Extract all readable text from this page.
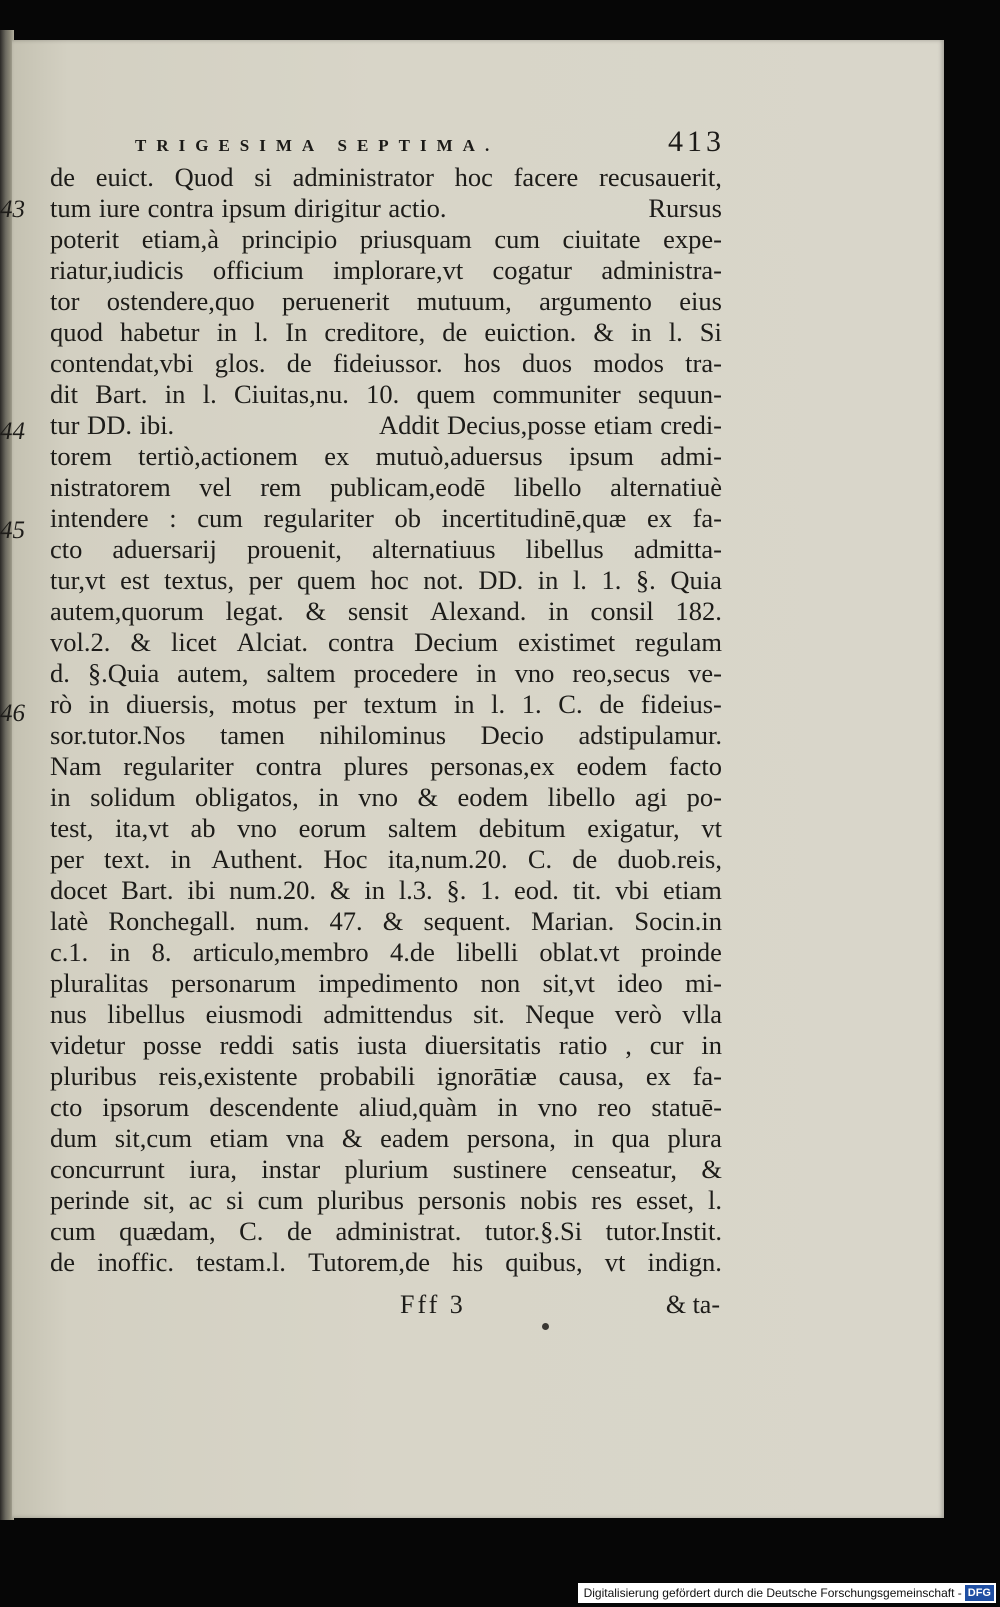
TRIGESIMA SEPTIMA.	413
43
44
45
46
de euict. Quod si administrator hoc facere recusauerit,
tum iure contra ipsum dirigitur actio.	Rursus
poterit etiam,à principio priusquam cum ciuitate expe-
riatur,iudicis officium implorare,vt cogatur administra-
tor ostendere,quo peruenerit mutuum, argumento eius
quod habetur in l. In creditore, de euiction. & in l. Si
contendat,vbi glos. de fideiussor. hos duos modos tra-
dit Bart. in l. Ciuitas,nu. 10. quem communiter sequun-
tur DD. ibi.	Addit Decius,posse etiam credi-
torem tertiò,actionem ex mutuò,aduersus ipsum admi-
nistratorem vel rem publicam,eodē libello alternatiuè
intendere : cum regulariter ob incertitudinē,quæ ex fa-
cto aduersarij prouenit, alternatiuus libellus admitta-
tur,vt est textus, per quem hoc not. DD. in l. 1. §. Quia
autem,quorum legat. & sensit Alexand. in consil 182.
vol.2. & licet Alciat. contra Decium existimet regulam
d. §.Quia autem, saltem procedere in vno reo,secus ve-
rò in diuersis, motus per textum in l. 1. C. de fideius-
sor.tutor.Nos tamen nihilominus Decio adstipulamur.
Nam regulariter contra plures personas,ex eodem facto
in solidum obligatos, in vno & eodem libello agi po-
test, ita,vt ab vno eorum saltem debitum exigatur, vt
per text. in Authent. Hoc ita,num.20. C. de duob.reis,
docet Bart. ibi num.20. & in l.3. §. 1. eod. tit. vbi etiam
latè Ronchegall. num. 47. & sequent. Marian. Socin.in
c.1. in 8. articulo,membro 4.de libelli oblat.vt proinde
pluralitas personarum impedimento non sit,vt ideo mi-
nus libellus eiusmodi admittendus sit. Neque verò vlla
videtur posse reddi satis iusta diuersitatis ratio , cur in
pluribus reis,existente probabili ignorātiæ causa, ex fa-
cto ipsorum descendente aliud,quàm in vno reo statuē-
dum sit,cum etiam vna & eadem persona, in qua plura
concurrunt iura, instar plurium sustinere censeatur, &
perinde sit, ac si cum pluribus personis nobis res esset, l.
cum quædam, C. de administrat. tutor.§.Si tutor.Instit.
de inoffic. testam.l. Tutorem,de his quibus, vt indign.
Fff 3	& ta-
Digitalisierung gefördert durch die Deutsche Forschungsgemeinschaft - DFG
